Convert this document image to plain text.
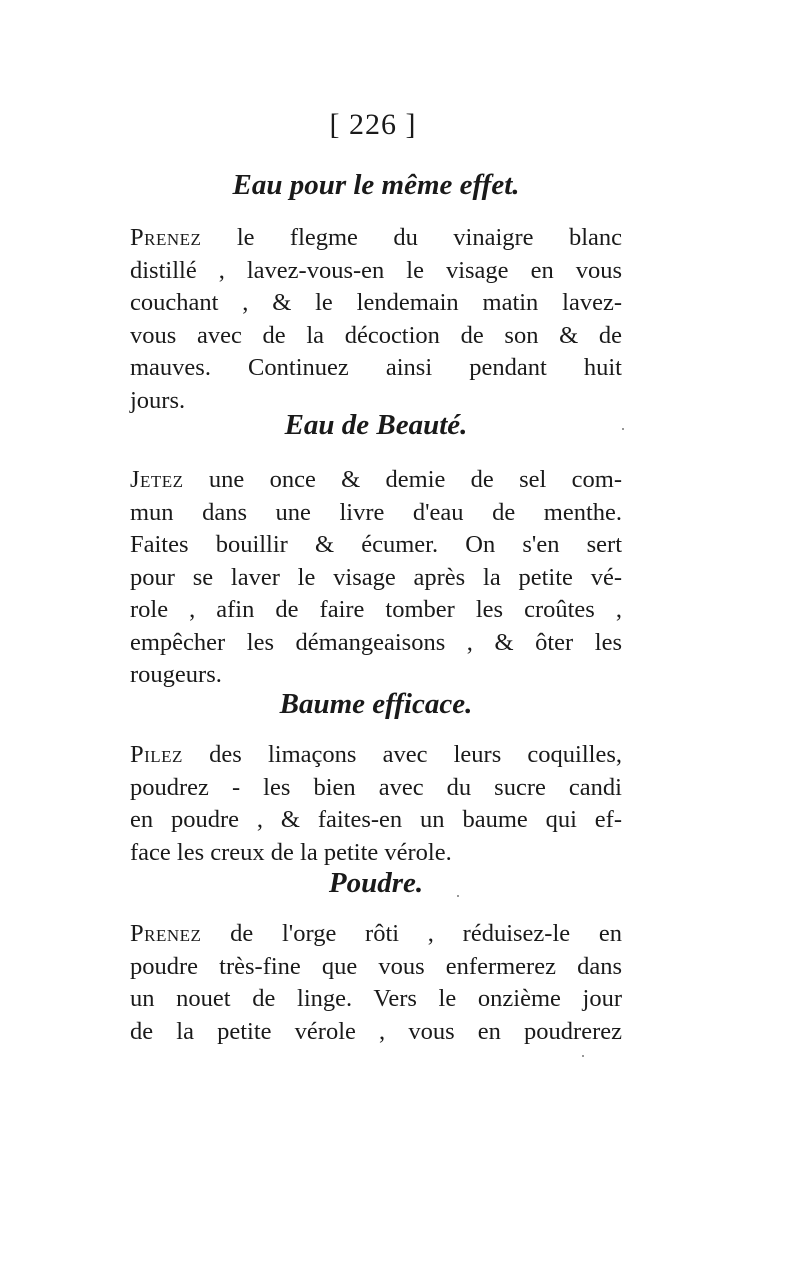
[ 226 ]
Eau pour le même effet.
Prenez le flegme du vinaigre blanc
distillé , lavez-vous-en le visage en vous
couchant , & le lendemain matin lavez-
vous avec de la décoction de son & de
mauves. Continuez ainsi pendant huit
jours.
Eau de Beauté.
Jetez une once & demie de sel com-
mun dans une livre d'eau de menthe.
Faites bouillir & écumer. On s'en sert
pour se laver le visage après la petite vé-
role , afin de faire tomber les croûtes ,
empêcher les démangeaisons , & ôter les
rougeurs.
Baume efficace.
Pilez des limaçons avec leurs coquilles,
poudrez - les bien avec du sucre candi
en poudre , & faites-en un baume qui ef-
face les creux de la petite vérole.
Poudre.
Prenez de l'orge rôti , réduisez-le en
poudre très-fine que vous enfermerez dans
un nouet de linge. Vers le onzième jour
de la petite vérole , vous en poudrerez
